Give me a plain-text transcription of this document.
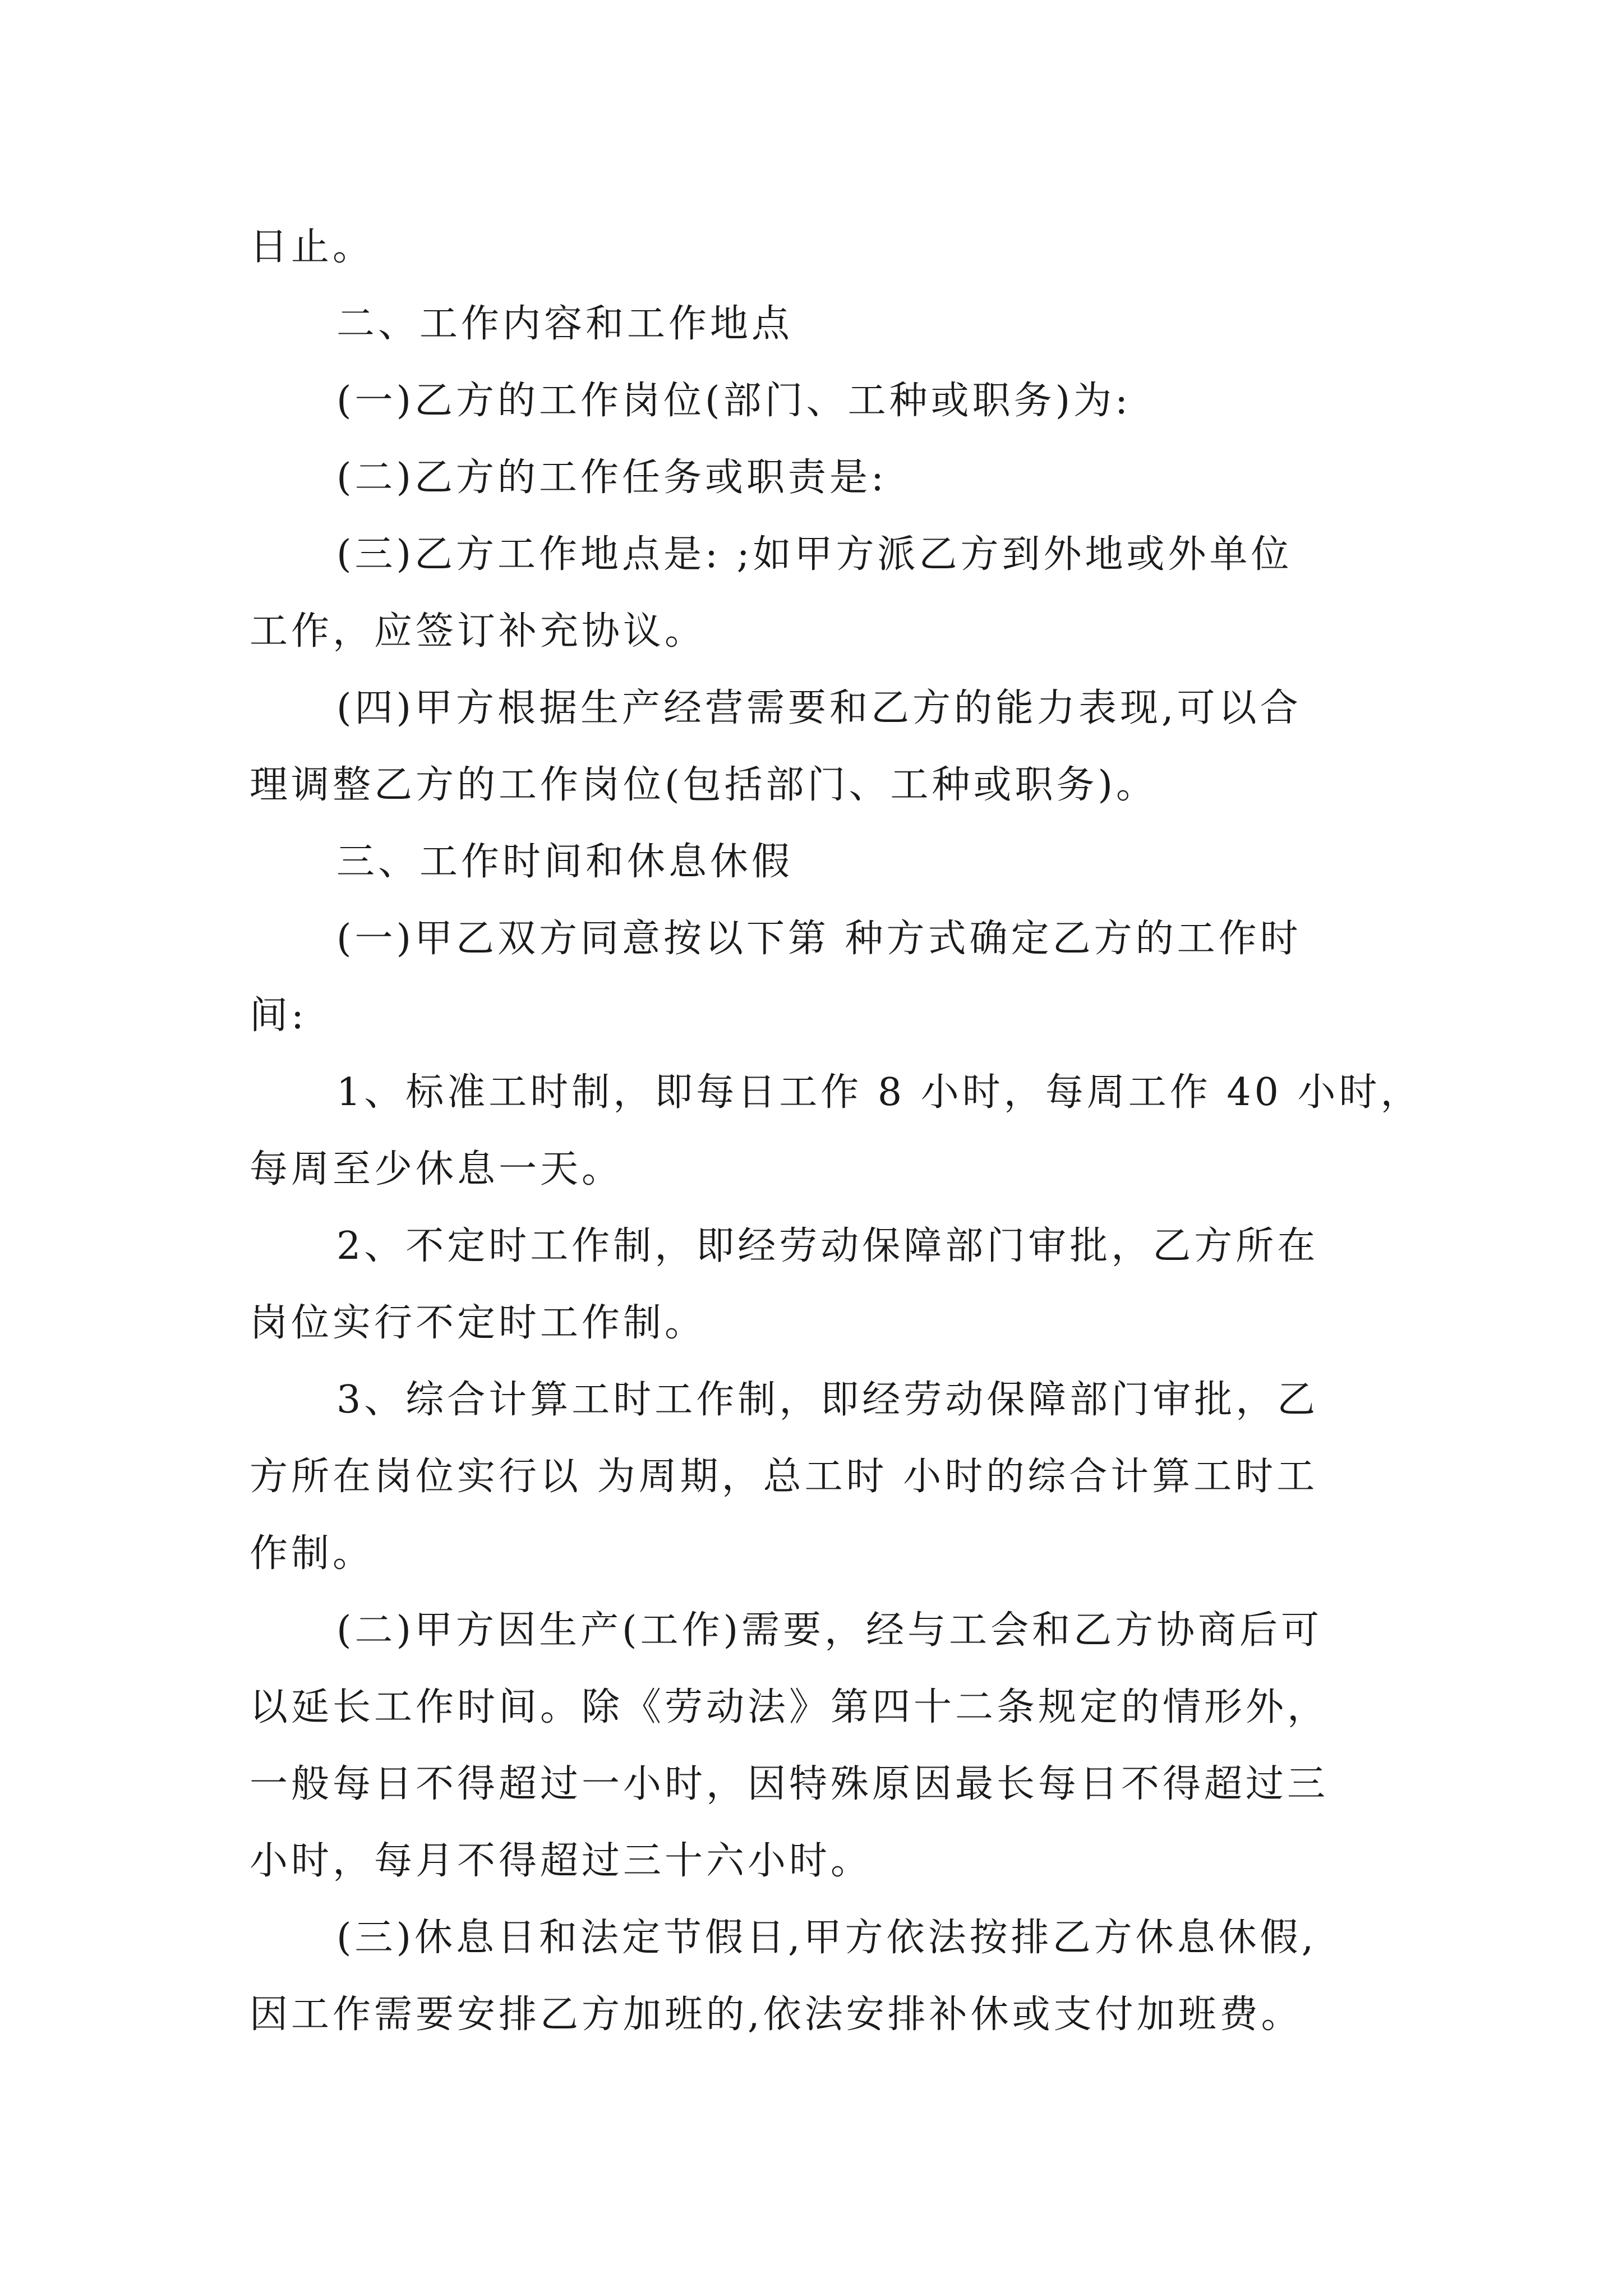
日止。
二、工作内容和工作地点
(一)乙方的工作岗位(部门、工种或职务)为:
(二)乙方的工作任务或职责是:
(三)乙方工作地点是: ;如甲方派乙方到外地或外单位
工作，应签订补充协议。
(四)甲方根据生产经营需要和乙方的能力表现,可以合
理调整乙方的工作岗位(包括部门、工种或职务)。
三、工作时间和休息休假
(一)甲乙双方同意按以下第 种方式确定乙方的工作时
间:
1、标准工时制，即每日工作 8 小时，每周工作 40 小时，
每周至少休息一天。
2、不定时工作制，即经劳动保障部门审批，乙方所在
岗位实行不定时工作制。
3、综合计算工时工作制，即经劳动保障部门审批，乙
方所在岗位实行以 为周期，总工时 小时的综合计算工时工
作制。
(二)甲方因生产(工作)需要，经与工会和乙方协商后可
以延长工作时间。除《劳动法》第四十二条规定的情形外，
一般每日不得超过一小时，因特殊原因最长每日不得超过三
小时，每月不得超过三十六小时。
(三)休息日和法定节假日,甲方依法按排乙方休息休假,
因工作需要安排乙方加班的,依法安排补休或支付加班费。
